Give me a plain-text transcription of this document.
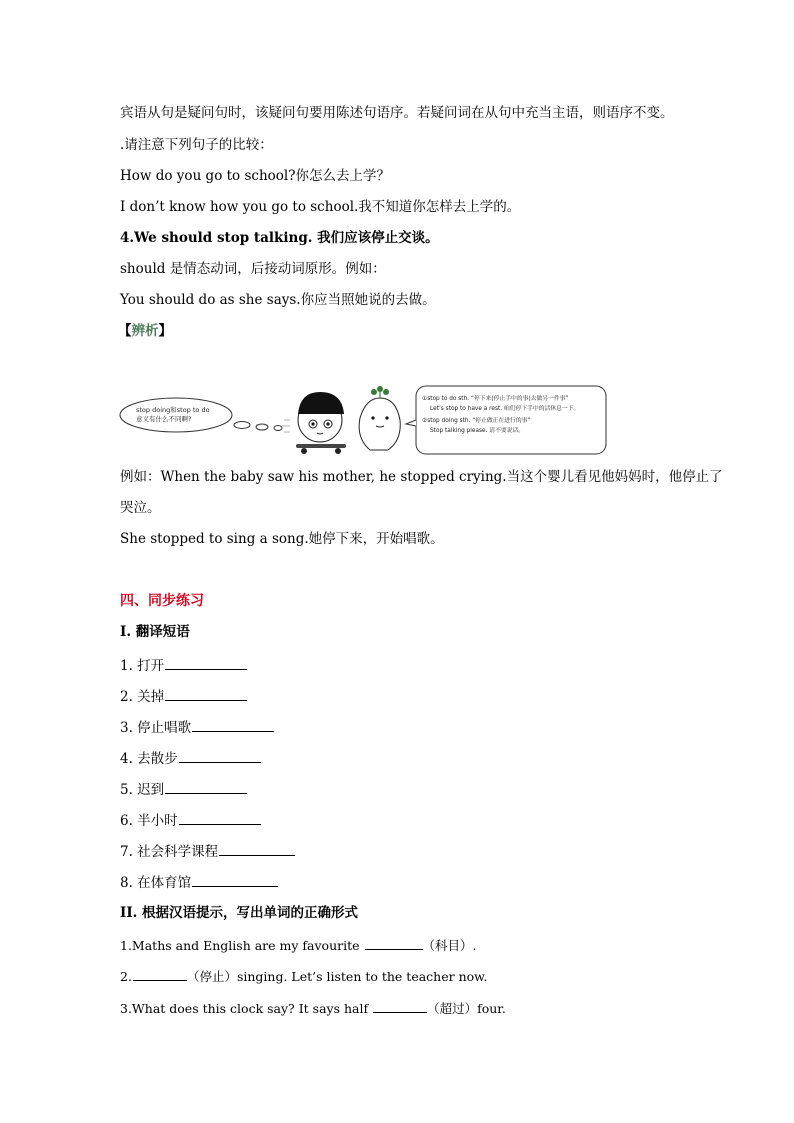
宾语从句是疑问句时，该疑问句要用陈述句语序。若疑问词在从句中充当主语，则语序不变。
.请注意下列句子的比较：
How do you go to school?你怎么去上学？
I don’t know how you go to school.我不知道你怎样去上学的。
4.We should stop talking. 我们应该停止交谈。
should 是情态动词，后接动词原形。例如：
You should do as she says.你应当照她说的去做。
【辨析】
stop doing和stop to do
意义有什么不同啊?
①stop to do sth. “停下来(停止手中的事)去做另一件事”
Let’s stop to have a rest. 咱们停下手中的活休息一下。
②stop doing sth. “停止做正在进行的事”
Stop talking please. 请不要说话。
例如：When the baby saw his mother, he stopped crying.当这个婴儿看见他妈妈时，他停止了
哭泣。
She stopped to sing a song.她停下来，开始唱歌。
四、同步练习
I. 翻译短语
1. 打开
2. 关掉
3. 停止唱歌
4. 去散步
5. 迟到
6. 半小时
7. 社会科学课程
8. 在体育馆
II. 根据汉语提示，写出单词的正确形式
1.Maths and English are my favourite	（科目）.
2.	（停止）singing. Let’s listen to the teacher now.
3.What does this clock say? It says half	（超过）four.
